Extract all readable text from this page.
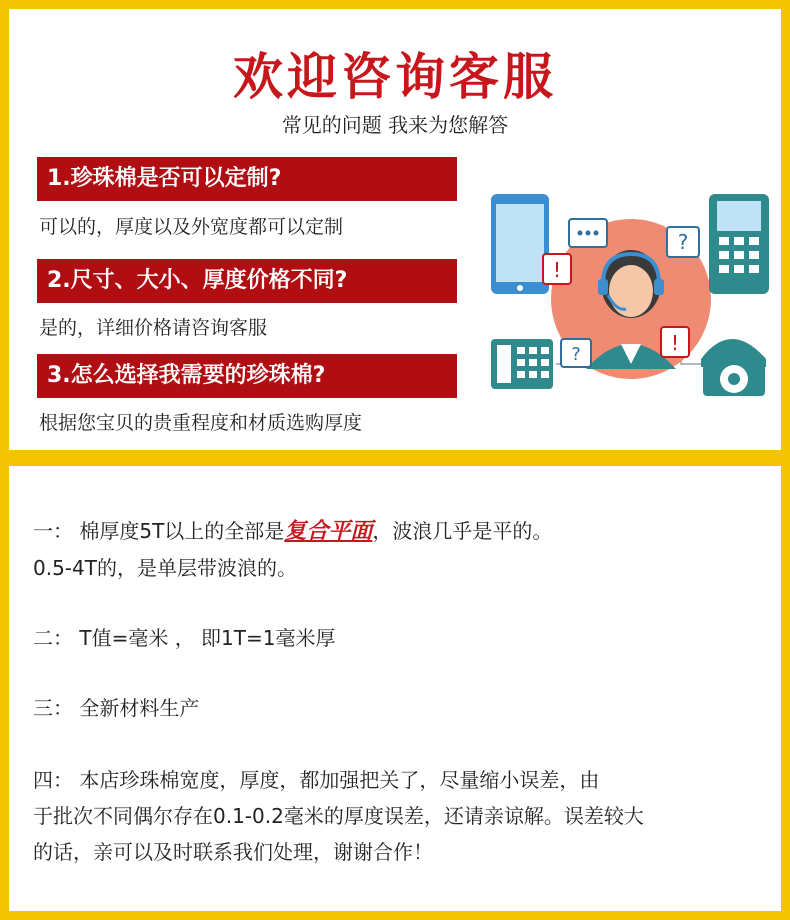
欢迎咨询客服
常见的问题 我来为您解答
1.珍珠棉是否可以定制?
可以的，厚度以及外宽度都可以定制
2.尺寸、大小、厚度价格不同?
是的，详细价格请咨询客服
3.怎么选择我需要的珍珠棉?
根据您宝贝的贵重程度和材质选购厚度
?
!
?	!
一： 棉厚度5T以上的全部是复合平面，波浪几乎是平的。
0.5-4T的，是单层带波浪的。
二： T值=毫米 ， 即1T=1毫米厚
三： 全新材料生产
四： 本店珍珠棉宽度，厚度，都加强把关了，尽量缩小误差，由
于批次不同偶尔存在0.1-0.2毫米的厚度误差，还请亲谅解。误差较大
的话，亲可以及时联系我们处理，谢谢合作！
